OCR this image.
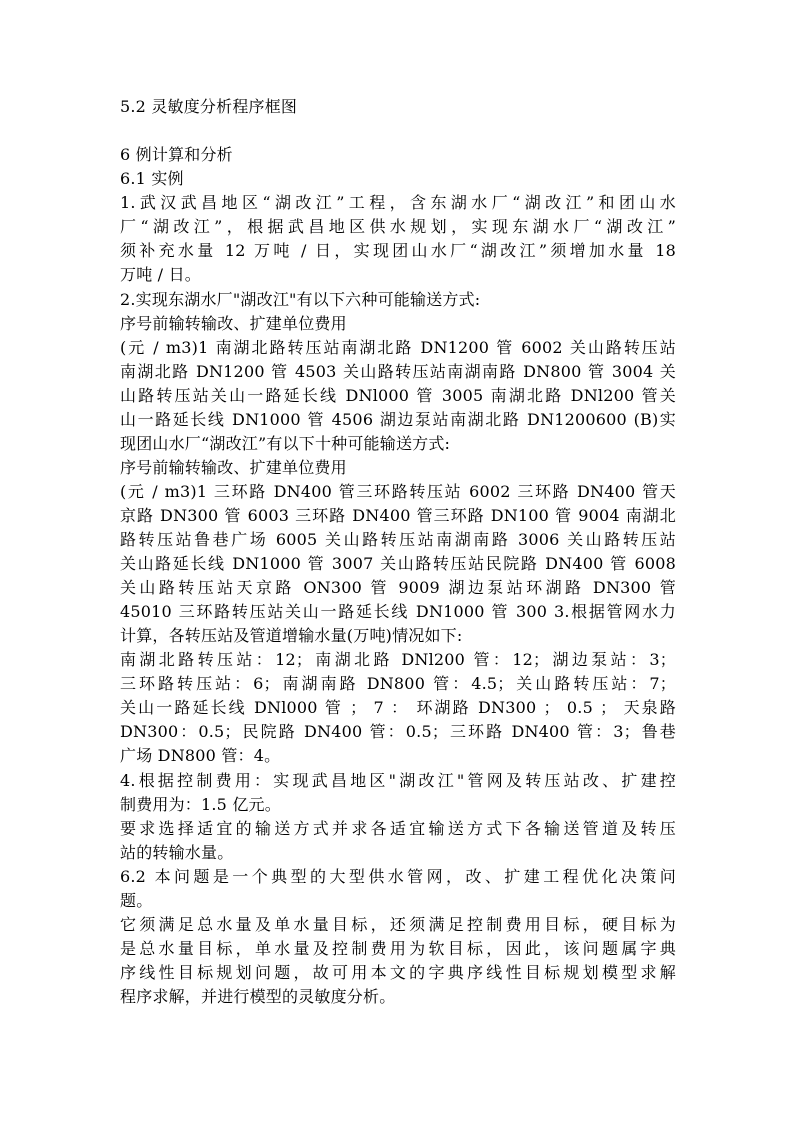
5.2 灵敏度分析程序框图
6 例计算和分析
6.1 实例
1.武汉武昌地区“湖改江”工程，含东湖水厂“湖改江”和团山水
厂“湖改江”，根据武昌地区供水规划，实现东湖水厂“湖改江”
须补充水量 12 万吨 / 日，实现团山水厂“湖改江”须增加水量 18
万吨 / 日。
2.实现东湖水厂"湖改江"有以下六种可能输送方式:
序号前输转输改、扩建单位费用
(元 / m3)1 南湖北路转压站南湖北路 DN1200 管 6002 关山路转压站
南湖北路 DN1200 管 4503 关山路转压站南湖南路 DN800 管 3004 关
山路转压站关山一路延长线 DNl000 管 3005 南湖北路 DNl200 管关
山一路延长线 DN1000 管 4506 湖边泵站南湖北路 DN1200600 (B)实
现团山水厂“湖改江”有以下十种可能输送方式:
序号前输转输改、扩建单位费用
(元 / m3)1 三环路 DN400 管三环路转压站 6002 三环路 DN400 管天
京路 DN300 管 6003 三环路 DN400 管三环路 DN100 管 9004 南湖北
路转压站鲁巷广场 6005 关山路转压站南湖南路 3006 关山路转压站
关山路延长线 DN1000 管 3007 关山路转压站民院路 DN400 管 6008
关山路转压站天京路 ON300 管 9009 湖边泵站环湖路 DN300 管
45010 三环路转压站关山一路延长线 DN1000 管 300 3.根据管网水力
计算，各转压站及管道增输水量(万吨)情况如下:
南湖北路转压站：12；南湖北路 DNl200 管：12；湖边泵站：3；
三环路转压站：6；南湖南路 DN800 管：4.5；关山路转压站：7；
关山一路延长线 DNl000 管 ； 7 ： 环湖路 DN300 ； 0.5 ； 天泉路
DN300：0.5；民院路 DN400 管：0.5；三环路 DN400 管：3；鲁巷
广场 DN800 管：4。
4.根据控制费用：实现武昌地区"湖改江"管网及转压站改、扩建控
制费用为：1.5 亿元。
要求选择适宜的输送方式并求各适宜输送方式下各输送管道及转压
站的转输水量。
6.2 本问题是一个典型的大型供水管网，改、扩建工程优化决策问
题。
它须满足总水量及单水量目标，还须满足控制费用目标，硬目标为
是总水量目标，单水量及控制费用为软目标，因此，该问题属字典
序线性目标规划问题，故可用本文的字典序线性目标规划模型求解
程序求解，并进行模型的灵敏度分析。
